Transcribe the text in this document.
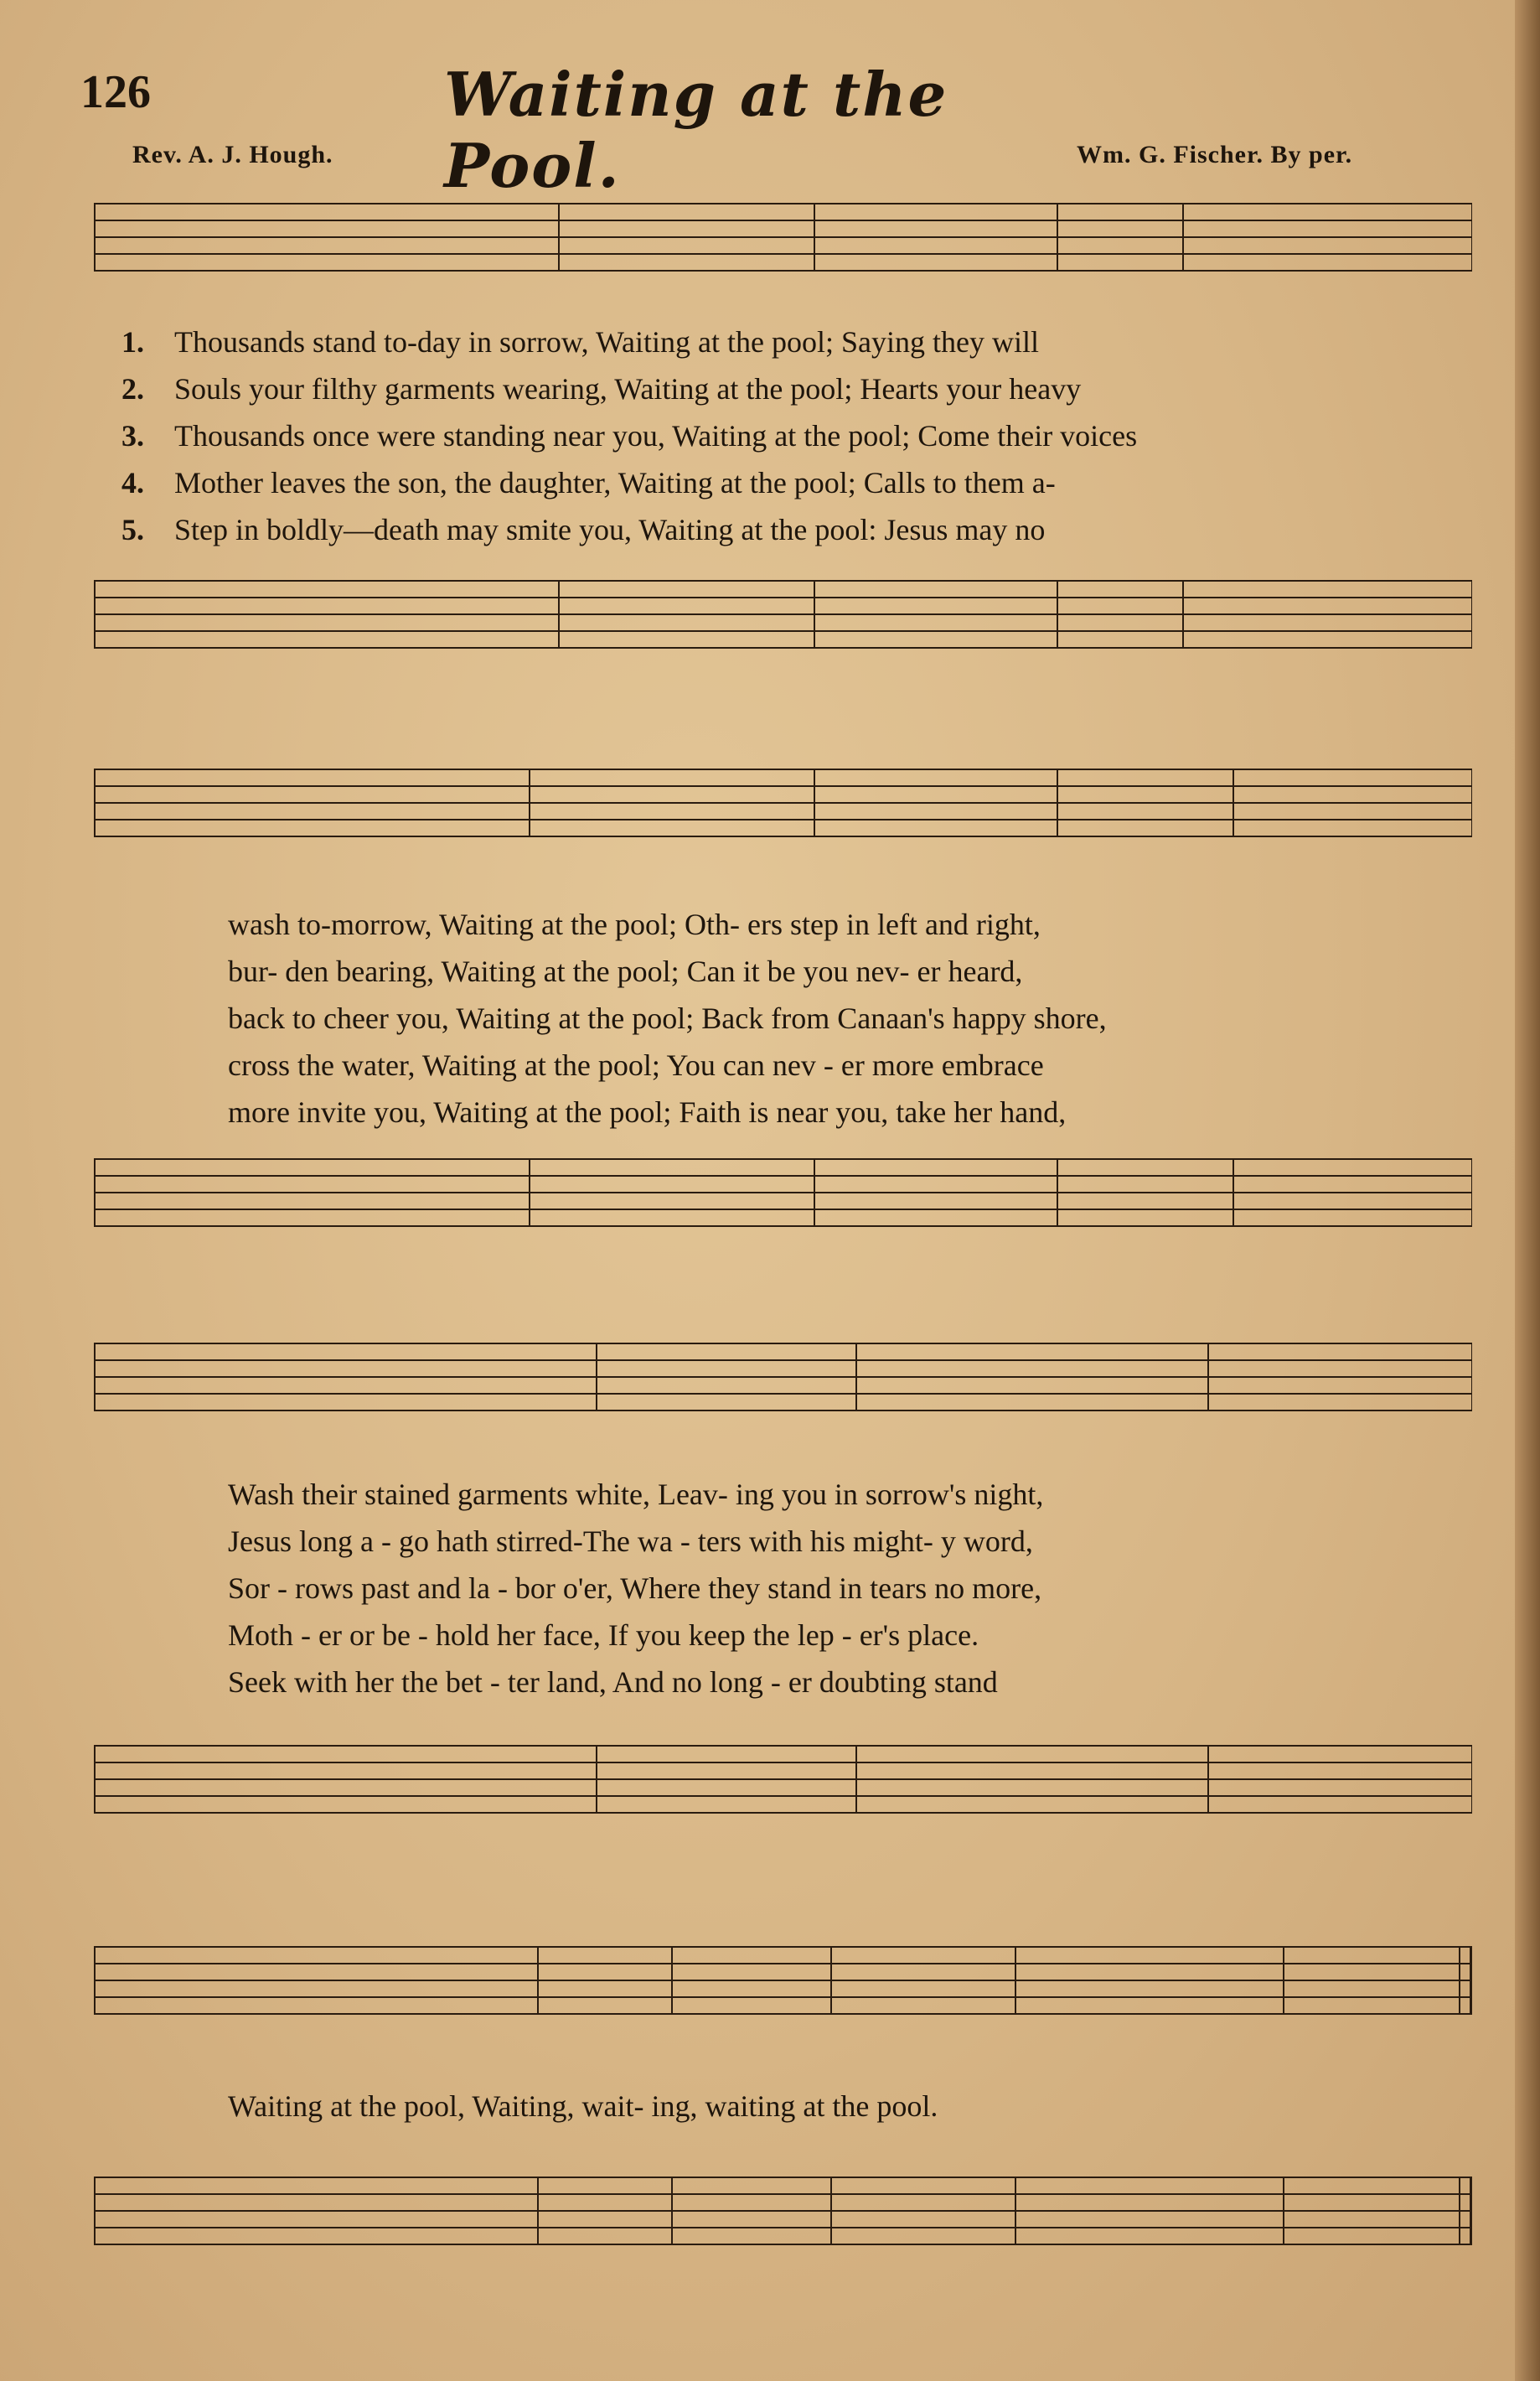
126	Waiting at the Pool.
Rev. A. J. Hough.	Wm. G. Fischer. By per.
1. Thousands stand to-day in sorrow, Waiting at the pool; Saying they will
2. Souls your filthy garments wearing, Waiting at the pool; Hearts your heavy
3. Thousands once were standing near you, Waiting at the pool; Come their voices
4. Mother leaves the son, the daughter, Waiting at the pool; Calls to them a-
5. Step in boldly—death may smite you, Waiting at the pool: Jesus may no
wash to-morrow, Waiting at the pool; Oth- ers step in left and right,
bur- den bearing, Waiting at the pool; Can it be you nev- er heard,
back to cheer you, Waiting at the pool; Back from Canaan's happy shore,
cross the water, Waiting at the pool; You can nev - er more embrace
more invite you, Waiting at the pool; Faith is near you, take her hand,
Wash their stained garments white, Leav- ing you in sorrow's night,
Jesus long a - go hath stirred-The wa - ters with his might- y word,
Sor - rows past and la - bor o'er, Where they stand in tears no more,
Moth - er or be - hold her face, If you keep the lep - er's place.
Seek with her the bet - ter land, And no long - er doubting stand
Waiting at the pool, Waiting, wait- ing, waiting at the pool.
